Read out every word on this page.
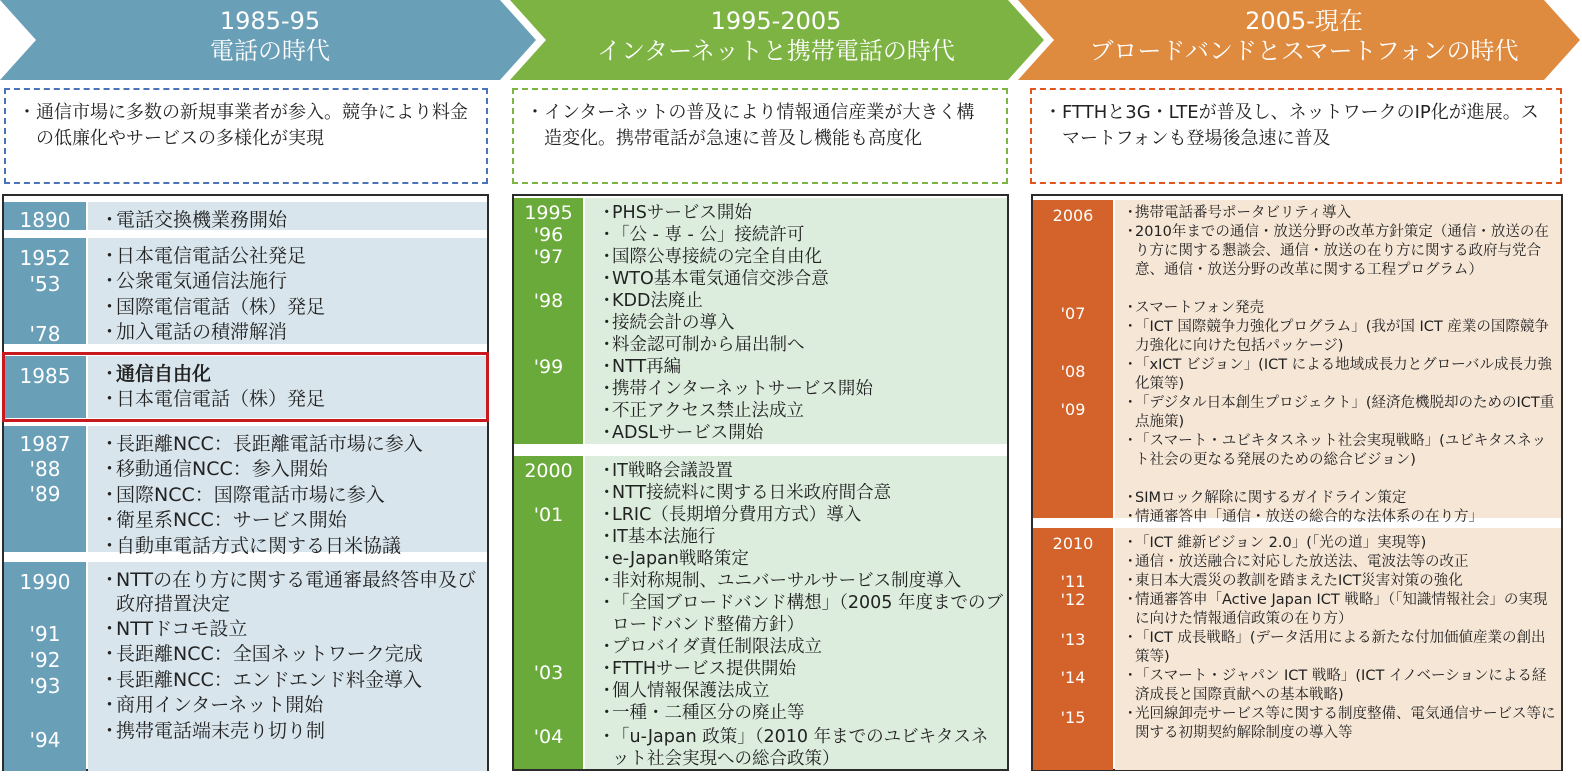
1985-95
電話の時代
1995-2005
インターネットと携帯電話の時代
2005-現在
ブロードバンドとスマートフォンの時代
・ 通信市場に多数の新規事業者が参入。競争により料金の低廉化やサービスの多様化が実現
・ インターネットの普及により情報通信産業が大きく構造変化。携帯電話が急速に普及し機能も高度化
・ FTTHと3G・LTEが普及し、ネットワークのIP化が進展。スマートフォンも登場後急速に普及
1890	・
電話交換機業務開始
1952
'53
'78
・
日本電信電話公社発足
・
公衆電気通信法施行
・
国際電信電話（株）発足
・
加入電話の積滞解消
1985	・
通信自由化
・
日本電信電話（株）発足
1987
'88
'89
・
長距離NCC：長距離電話市場に参入
・
移動通信NCC：参入開始
・
国際NCC：国際電話市場に参入
・
衛星系NCC：サービス開始
・
自動車電話方式に関する日米協議
1990
'91
'92
'93
'94
・
NTTの在り方に関する電通審最終答申及び政府措置決定
・
NTTドコモ設立
・
長距離NCC：全国ネットワーク完成
・
長距離NCC：エンドエンド料金導入
・
商用インターネット開始
・
携帯電話端末売り切り制
1995
'96
'97
'98
'99
・
PHSサービス開始
・
「公 - 専 - 公」接続許可
・
国際公専接続の完全自由化
・
WTO基本電気通信交渉合意
・
KDD法廃止
・
接続会計の導入
・
料金認可制から届出制へ
・
NTT再編
・
携帯インターネットサービス開始
・
不正アクセス禁止法成立
・
ADSLサービス開始
2000
'01
'03
'04
・
IT戦略会議設置
・
NTT接続料に関する日米政府間合意
・
LRIC（長期増分費用方式）導入
・
IT基本法施行
・
e-Japan戦略策定
・
非対称規制、ユニバーサルサービス制度導入
・
「全国ブロードバンド構想」（2005 年度までのブロードバンド整備方針）
・
プロバイダ責任制限法成立
・
FTTHサービス提供開始
・
個人情報保護法成立
・
一種・二種区分の廃止等
・
「u-Japan 政策」（2010 年までのユビキタスネット社会実現への総合政策）
2006
'07
'08
'09
・
携帯電話番号ポータビリティ導入
・
2010年までの通信・放送分野の改革方針策定（通信・放送の在り方に関する懇談会、通信・放送の在り方に関する政府与党合意、通信・放送分野の改革に関する工程プログラム）
・
スマートフォン発売
・
「ICT 国際競争力強化プログラム」(我が国 ICT 産業の国際競争力強化に向けた包括パッケージ)
・
「xICT ビジョン」(ICT による地域成長力とグローバル成長力強化策等)
・
「デジタル日本創生プロジェクト」(経済危機脱却のためのICT重点施策)
・
「スマート・ユビキタスネット社会実現戦略」(ユビキタスネット社会の更なる発展のための総合ビジョン)
・
SIMロック解除に関するガイドライン策定
・
情通審答申「通信・放送の総合的な法体系の在り方」
2010
'11
'12
'13
'14
'15
・
「ICT 維新ビジョン 2.0」(「光の道」実現等)
・
通信・放送融合に対応した放送法、電波法等の改正
・
東日本大震災の教訓を踏まえたICT災害対策の強化
・
情通審答申「Active Japan ICT 戦略」（「知識情報社会」の実現に向けた情報通信政策の在り方）
・
「ICT 成長戦略」(データ活用による新たな付加価値産業の創出策等)
・
「スマート・ジャパン ICT 戦略」(ICT イノベーションによる経済成長と国際貢献への基本戦略)
・
光回線卸売サービス等に関する制度整備、電気通信サービス等に関する初期契約解除制度の導入等
